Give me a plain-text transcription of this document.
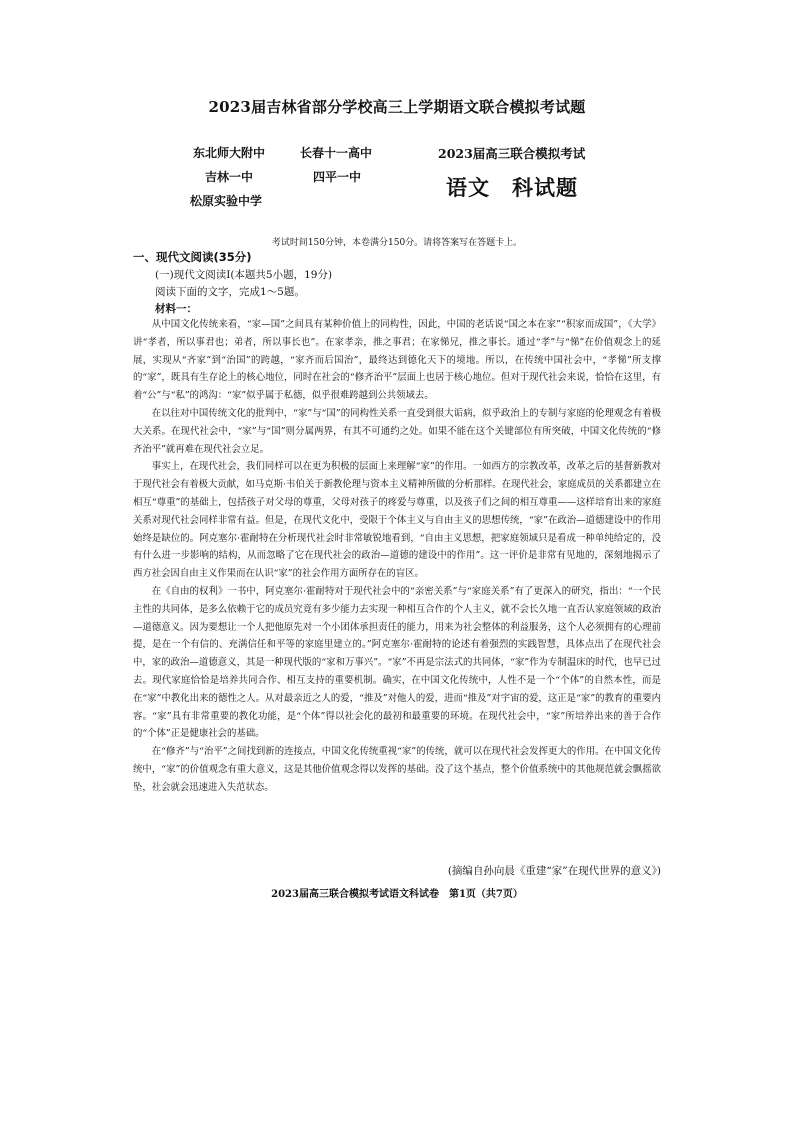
2023届吉林省部分学校高三上学期语文联合模拟考试题
东北师大附中	长春十一高中
吉林一中	四平一中
松原实验中学
2023届高三联合模拟考试
语文　科试题
考试时间150分钟，本卷满分150分。请将答案写在答题卡上。
一、现代文阅读(35分)
(一)现代文阅读Ⅰ(本题共5小题，19分)
阅读下面的文字，完成1～5题。
材料一：

从中国文化传统来看，“家—国”之间具有某种价值上的同构性，因此，中国的老话说“国之本在家”“积家而成国”，《大学》讲“孝者，所以事君也；弟者，所以事长也”。在家孝亲，推之事君；在家悌兄，推之事长。通过“孝”与“悌”在价值观念上的延展，实现从“齐家”到“治国”的跨越，“家齐而后国治”，最终达到德化天下的境地。所以，在传统中国社会中，“孝悌”所支撑的“家”，既具有生存论上的核心地位，同时在社会的“修齐治平”层面上也居于核心地位。但对于现代社会来说，恰恰在这里，有着“公”与“私”的鸿沟：“家”似乎属于私德，似乎很难跨越到公共领域去。

在以往对中国传统文化的批判中，“家”与“国”的同构性关系一直受到很大诟病，似乎政治上的专制与家庭的伦理观念有着极大关系。在现代社会中，“家”与“国”则分属两界，有其不可通约之处。如果不能在这个关键部位有所突破，中国文化传统的“修齐治平”就再难在现代社会立足。

事实上，在现代社会，我们同样可以在更为积极的层面上来理解“家”的作用。一如西方的宗教改革，改革之后的基督新教对于现代社会有着极大贡献，如马克斯·韦伯关于新教伦理与资本主义精神所做的分析那样。在现代社会，家庭成员的关系都建立在相互“尊重”的基础上，包括孩子对父母的尊重，父母对孩子的疼爱与尊重，以及孩子们之间的相互尊重——这样培育出来的家庭关系对现代社会同样非常有益。但是，在现代文化中，受限于个体主义与自由主义的思想传统，“家”在政治—道德建设中的作用始终是缺位的。阿克塞尔·霍耐特在分析现代社会时非常敏锐地看到，“自由主义思想，把家庭领域只是看成一种单纯给定的，没有什么进一步影响的结构，从而忽略了它在现代社会的政治—道德的建设中的作用”。这一评价是非常有见地的，深刻地揭示了西方社会因自由主义作果而在认识“家”的社会作用方面所存在的盲区。

在《自由的权利》一书中，阿克塞尔·霍耐特对于现代社会中的“亲密关系”与“家庭关系”有了更深入的研究，指出：“一个民主性的共同体，是多么依赖于它的成员究竟有多少能力去实现一种相互合作的个人主义，就不会长久地一直否认家庭领域的政治—道德意义。因为要想让一个人把他原先对一个小团体承担责任的能力，用来为社会整体的利益服务，这个人必须拥有的心理前提，是在一个有信的、充满信任和平等的家庭里建立的。”阿克塞尔·霍耐特的论述有着强烈的实践智慧，具体点出了在现代社会中，家的政治—道德意义，其是一种现代版的“家和万事兴”。“家”不再是宗法式的共同体，“家”作为专制温床的时代，也早已过去。现代家庭恰恰是培养共同合作、相互支持的重要机制。确实，在中国文化传统中，人性不是一个“个体”的自然本性，而是在“家”中教化出来的德性之人。从对最亲近之人的爱，“推及”对他人的爱，进而“推及”对宇宙的爱，这正是“家”的教育的重要内容。“家”具有非常重要的教化功能，是“个体”得以社会化的最初和最重要的环境。在现代社会中，“家”所培养出来的善于合作的“个体”正是健康社会的基础。

在“修齐”与“治平”之间找到新的连接点，中国文化传统重视“家”的传统，就可以在现代社会发挥更大的作用。在中国文化传统中，“家”的价值观念有重大意义，这是其他价值观念得以发挥的基础。没了这个基点，整个价值系统中的其他规范就会飘摇欲坠，社会就会迅速进入失范状态。

(摘编自孙向晨《重建“家”在现代世界的意义》)
2023届高三联合模拟考试语文科试卷　第1页（共7页）
